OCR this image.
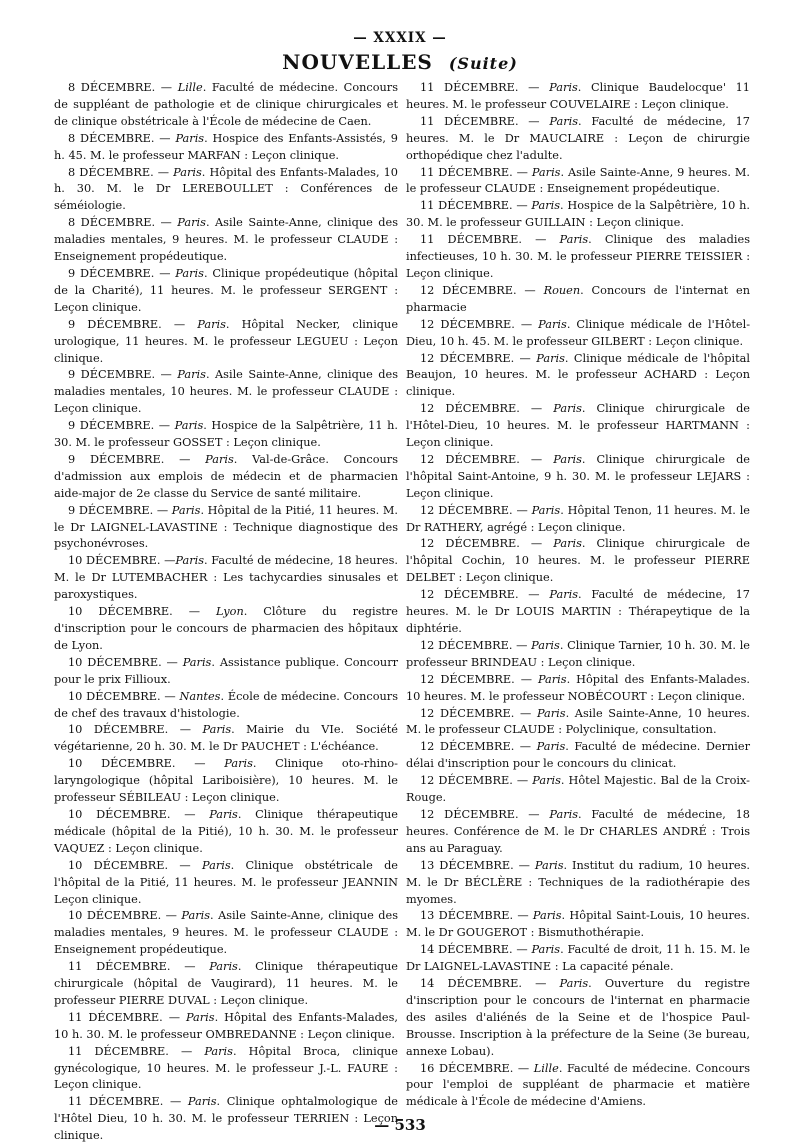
— XXXIX —
NOUVELLES (Suite)

8 DÉCEMBRE. — Lille. Faculté de médecine. Concours de suppléant de pathologie et de clinique chirurgicales et de clinique obstétricale à l'École de médecine de Caen.

8 DÉCEMBRE. — Paris. Hospice des Enfants-Assistés, 9 h. 45. M. le professeur MARFAN : Leçon clinique.

8 DÉCEMBRE. — Paris. Hôpital des Enfants-Malades, 10 h. 30. M. le Dr LEREBOULLET : Conférences de séméiologie.

8 DÉCEMBRE. — Paris. Asile Sainte-Anne, clinique des maladies mentales, 9 heures. M. le professeur CLAUDE : Enseignement propédeutique.

9 DÉCEMBRE. — Paris. Clinique propédeutique (hôpital de la Charité), 11 heures. M. le professeur SERGENT : Leçon clinique.

9 DÉCEMBRE. — Paris. Hôpital Necker, clinique urologique, 11 heures. M. le professeur LEGUEU : Leçon clinique.

9 DÉCEMBRE. — Paris. Asile Sainte-Anne, clinique des maladies mentales, 10 heures. M. le professeur CLAUDE : Leçon clinique.

9 DÉCEMBRE. — Paris. Hospice de la Salpêtrière, 11 h. 30. M. le professeur GOSSET : Leçon clinique.

9 DÉCEMBRE. — Paris. Val-de-Grâce. Concours d'admission aux emplois de médecin et de pharmacien aide-major de 2e classe du Service de santé militaire.

9 DÉCEMBRE. — Paris. Hôpital de la Pitié, 11 heures. M. le Dr LAIGNEL-LAVASTINE : Technique diagnostique des psychonévroses.

10 DÉCEMBRE. —Paris. Faculté de médecine, 18 heures. M. le Dr LUTEMBACHER : Les tachycardies sinusales et paroxystiques.

10 DÉCEMBRE. — Lyon. Clôture du registre d'inscription pour le concours de pharmacien des hôpitaux de Lyon.

10 DÉCEMBRE. — Paris. Assistance publique. Concourr pour le prix Fillioux.

10 DÉCEMBRE. — Nantes. École de médecine. Concours de chef des travaux d'histologie.

10 DÉCEMBRE. — Paris. Mairie du VIe. Société végétarienne, 20 h. 30. M. le Dr PAUCHET : L'échéance.

10 DÉCEMBRE. — Paris. Clinique oto-rhino-laryngologique (hôpital Lariboisière), 10 heures. M. le professeur SÉBILEAU : Leçon clinique.

10 DÉCEMBRE. — Paris. Clinique thérapeutique médicale (hôpital de la Pitié), 10 h. 30. M. le professeur VAQUEZ : Leçon clinique.

10 DÉCEMBRE. — Paris. Clinique obstétricale de l'hôpital de la Pitié, 11 heures. M. le professeur JEANNIN Leçon clinique.

10 DÉCEMBRE. — Paris. Asile Sainte-Anne, clinique des maladies mentales, 9 heures. M. le professeur CLAUDE : Enseignement propédeutique.

11 DÉCEMBRE. — Paris. Clinique thérapeutique chirurgicale (hôpital de Vaugirard), 11 heures. M. le professeur PIERRE DUVAL : Leçon clinique.

11 DÉCEMBRE. — Paris. Hôpital des Enfants-Malades, 10 h. 30. M. le professeur OMBREDANNE : Leçon clinique.

11 DÉCEMBRE. — Paris. Hôpital Broca, clinique gynécologique, 10 heures. M. le professeur J.-L. FAURE : Leçon clinique.

11 DÉCEMBRE. — Paris. Clinique ophtalmologique de l'Hôtel Dieu, 10 h. 30. M. le professeur TERRIEN : Leçon clinique.

11 DÉCEMBRE. — Paris. Clinique Baudelocque' 11 heures. M. le professeur COUVELAIRE : Leçon clinique.

11 DÉCEMBRE. — Paris. Faculté de médecine, 17 heures. M. le Dr MAUCLAIRE : Leçon de chirurgie orthopédique chez l'adulte.

11 DÉCEMBRE. — Paris. Asile Sainte-Anne, 9 heures. M. le professeur CLAUDE : Enseignement propédeutique.

11 DÉCEMBRE. — Paris. Hospice de la Salpêtrière, 10 h. 30. M. le professeur GUILLAIN : Leçon clinique.

11 DÉCEMBRE. — Paris. Clinique des maladies infectieuses, 10 h. 30. M. le professeur PIERRE TEISSIER : Leçon clinique.

12 DÉCEMBRE. — Rouen. Concours de l'internat en pharmacie

12 DÉCEMBRE. — Paris. Clinique médicale de l'Hôtel-Dieu, 10 h. 45. M. le professeur GILBERT : Leçon clinique.

12 DÉCEMBRE. — Paris. Clinique médicale de l'hôpital Beaujon, 10 heures. M. le professeur ACHARD : Leçon clinique.

12 DÉCEMBRE. — Paris. Clinique chirurgicale de l'Hôtel-Dieu, 10 heures. M. le professeur HARTMANN : Leçon clinique.

12 DÉCEMBRE. — Paris. Clinique chirurgicale de l'hôpital Saint-Antoine, 9 h. 30. M. le professeur LEJARS : Leçon clinique.

12 DÉCEMBRE. — Paris. Hôpital Tenon, 11 heures. M. le Dr RATHERY, agrégé : Leçon clinique.

12 DÉCEMBRE. — Paris. Clinique chirurgicale de l'hôpital Cochin, 10 heures. M. le professeur PIERRE DELBET : Leçon clinique.

12 DÉCEMBRE. — Paris. Faculté de médecine, 17 heures. M. le Dr LOUIS MARTIN : Thérapeytique de la diphtérie.

12 DÉCEMBRE. — Paris. Clinique Tarnier, 10 h. 30. M. le professeur BRINDEAU : Leçon clinique.

12 DÉCEMBRE. — Paris. Hôpital des Enfants-Malades. 10 heures. M. le professeur NOBÉCOURT : Leçon clinique.

12 DÉCEMBRE. — Paris. Asile Sainte-Anne, 10 heures. M. le professeur CLAUDE : Polyclinique, consultation.

12 DÉCEMBRE. — Paris. Faculté de médecine. Dernier délai d'inscription pour le concours du clinicat.

12 DÉCEMBRE. — Paris. Hôtel Majestic. Bal de la Croix-Rouge.

12 DÉCEMBRE. — Paris. Faculté de médecine, 18 heures. Conférence de M. le Dr CHARLES ANDRÉ : Trois ans au Paraguay.

13 DÉCEMBRE. — Paris. Institut du radium, 10 heures. M. le Dr BÉCLÈRE : Techniques de la radiothérapie des myomes.

13 DÉCEMBRE. — Paris. Hôpital Saint-Louis, 10 heures. M. le Dr GOUGEROT : Bismuthothérapie.

14 DÉCEMBRE. — Paris. Faculté de droit, 11 h. 15. M. le Dr LAIGNEL-LAVASTINE : La capacité pénale.

14 DÉCEMBRE. — Paris. Ouverture du registre d'inscription pour le concours de l'internat en pharmacie des asiles d'aliénés de la Seine et de l'hospice Paul-Brousse. Inscription à la préfecture de la Seine (3e bureau, annexe Lobau).

16 DÉCEMBRE. — Lille. Faculté de médecine. Concours pour l'emploi de suppléant de pharmacie et matière médicale à l'École de médecine d'Amiens.

— 533
